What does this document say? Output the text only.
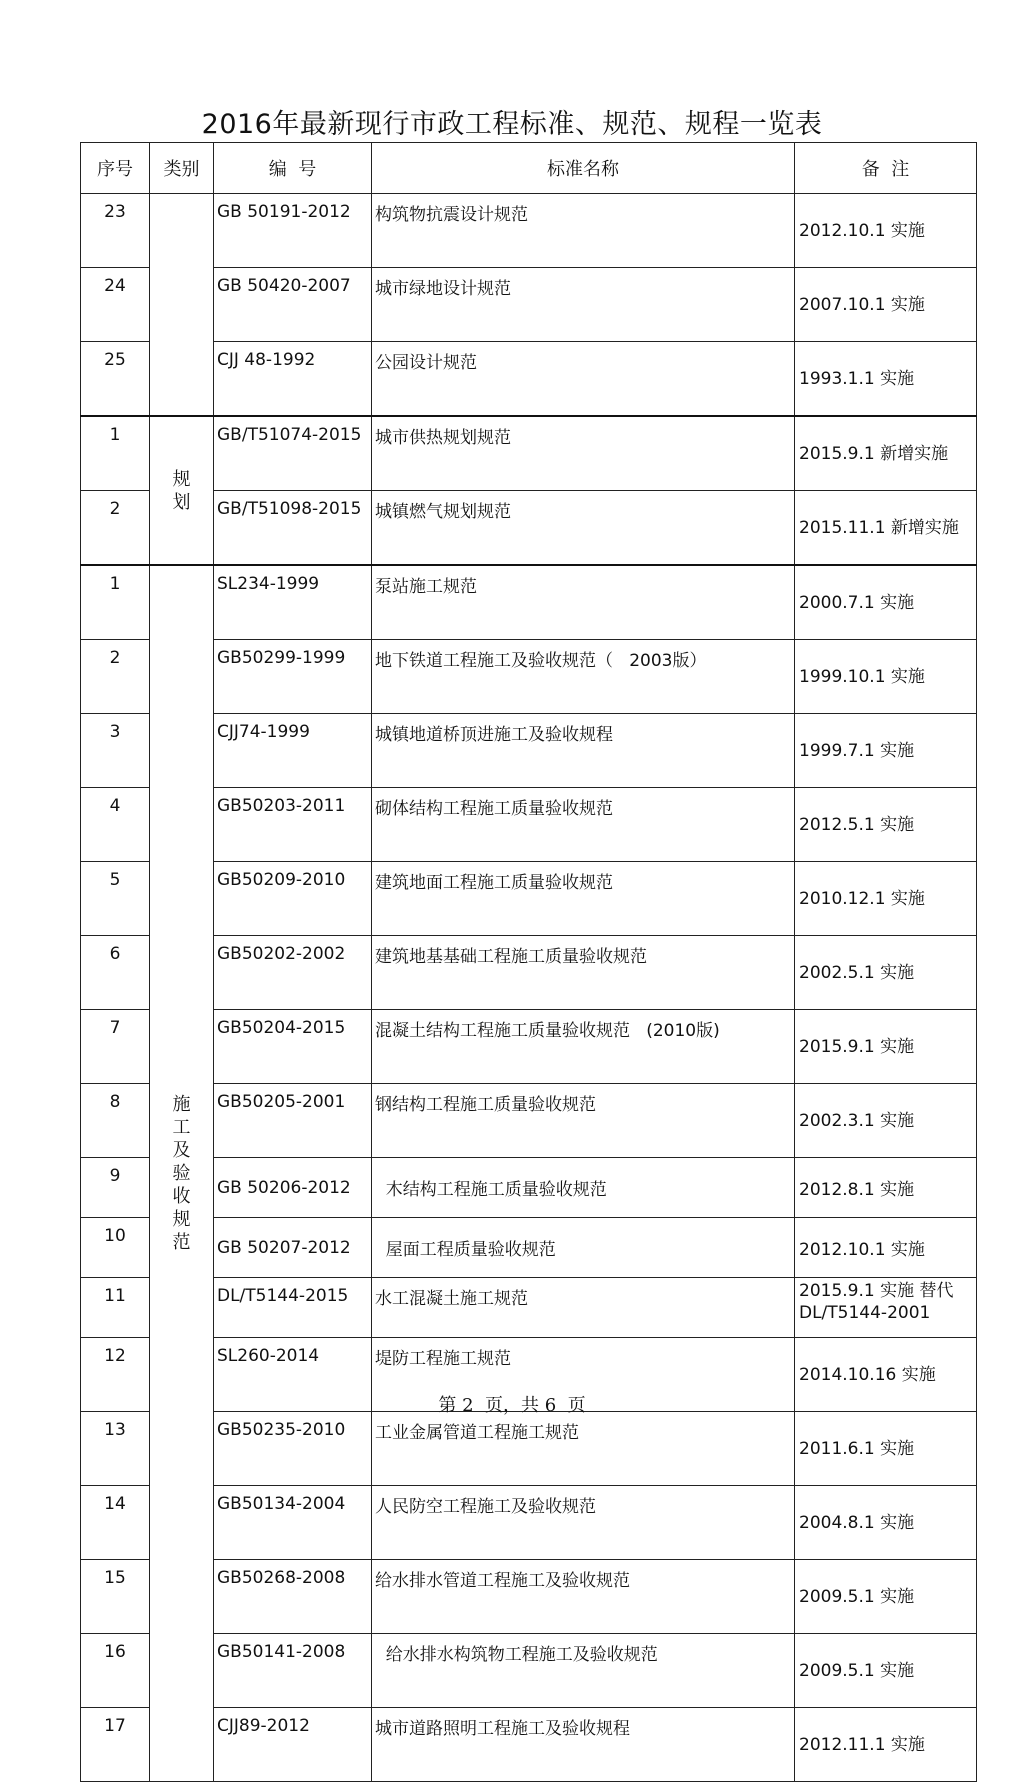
2016年最新现行市政工程标准、规范、规程一览表
序号	类别	编  号	标准名称	备  注
23		GB 50191-2012	构筑物抗震设计规范	2012.10.1 实施
24		GB 50420-2007	城市绿地设计规范	2007.10.1 实施
25		CJJ 48-1992	公园设计规范	1993.1.1 实施
1	规划	GB/T51074-2015	城市供热规划规范	2015.9.1 新增实施
2		GB/T51098-2015	城镇燃气规划规范	2015.11.1 新增实施
1	施工及验收规范	SL234-1999	泵站施工规范	2000.7.1 实施
2		GB50299-1999	地下铁道工程施工及验收规范（   2003版）	1999.10.1 实施
3		CJJ74-1999	城镇地道桥顶进施工及验收规程	1999.7.1 实施
4		GB50203-2011	砌体结构工程施工质量验收规范	2012.5.1 实施
5		GB50209-2010	建筑地面工程施工质量验收规范	2010.12.1 实施
6		GB50202-2002	建筑地基基础工程施工质量验收规范	2002.5.1 实施
7		GB50204-2015	混凝土结构工程施工质量验收规范   (2010版)	2015.9.1 实施
8		GB50205-2001	钢结构工程施工质量验收规范	2002.3.1 实施
9		GB 50206-2012	木结构工程施工质量验收规范	2012.8.1 实施
10		GB 50207-2012	屋面工程质量验收规范	2012.10.1 实施
11		DL/T5144-2015	水工混凝土施工规范	2015.9.1 实施 替代DL/T5144-2001
12		SL260-2014	堤防工程施工规范	2014.10.16 实施
13		GB50235-2010	工业金属管道工程施工规范	2011.6.1 实施
14		GB50134-2004	人民防空工程施工及验收规范	2004.8.1 实施
15		GB50268-2008	给水排水管道工程施工及验收规范	2009.5.1 实施
16		GB50141-2008	给水排水构筑物工程施工及验收规范	2009.5.1 实施
17		CJJ89-2012	城市道路照明工程施工及验收规程	2012.11.1 实施
第 2  页，共 6  页
